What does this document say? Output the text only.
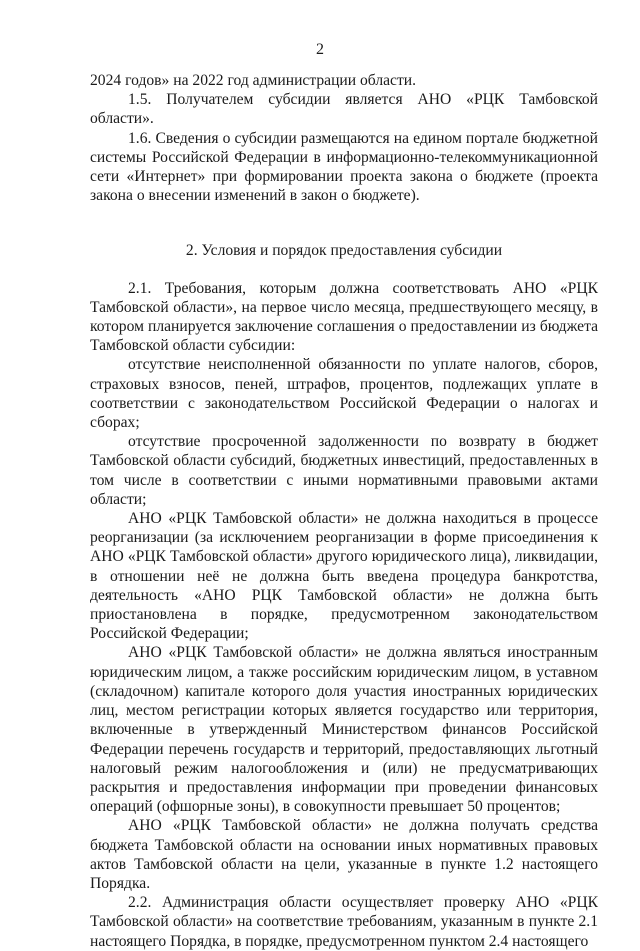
2

2024 годов» на 2022 год администрации области.

1.5. Получателем субсидии является АНО «РЦК Тамбовской области».

1.6. Сведения о субсидии размещаются на едином портале бюджетной системы Российской Федерации в информационно-телекоммуникационной сети «Интернет» при формировании проекта закона о бюджете (проекта закона о внесении изменений в закон о бюджете).

2. Условия и порядок предоставления субсидии

2.1. Требования, которым должна соответствовать АНО «РЦК Тамбовской области», на первое число месяца, предшествующего месяцу, в котором планируется заключение соглашения о предоставлении из бюджета Тамбовской области субсидии:

отсутствие неисполненной обязанности по уплате налогов, сборов, страховых взносов, пеней, штрафов, процентов, подлежащих уплате в соответствии с законодательством Российской Федерации о налогах и сборах;

отсутствие просроченной задолженности по возврату в бюджет Тамбовской области субсидий, бюджетных инвестиций, предоставленных в том числе в соответствии с иными нормативными правовыми актами области;

АНО «РЦК Тамбовской области» не должна находиться в процессе реорганизации (за исключением реорганизации в форме присоединения к АНО «РЦК Тамбовской области» другого юридического лица), ликвидации, в отношении неё не должна быть введена процедура банкротства, деятельность «АНО РЦК Тамбовской области» не должна быть приостановлена в порядке, предусмотренном законодательством Российской Федерации;

АНО «РЦК Тамбовской области» не должна являться иностранным юридическим лицом, а также российским юридическим лицом, в уставном (складочном) капитале которого доля участия иностранных юридических лиц, местом регистрации которых является государство или территория, включенные в утвержденный Министерством финансов Российской Федерации перечень государств и территорий, предоставляющих льготный налоговый режим налогообложения и (или) не предусматривающих раскрытия и предоставления информации при проведении финансовых операций (офшорные зоны), в совокупности превышает 50 процентов;

АНО «РЦК Тамбовской области» не должна получать средства бюджета Тамбовской области на основании иных нормативных правовых актов Тамбовской области на цели, указанные в пункте 1.2 настоящего Порядка.

2.2. Администрация области осуществляет проверку АНО «РЦК Тамбовской области» на соответствие требованиям, указанным в пункте 2.1 настоящего Порядка, в порядке, предусмотренном пунктом 2.4 настоящего
